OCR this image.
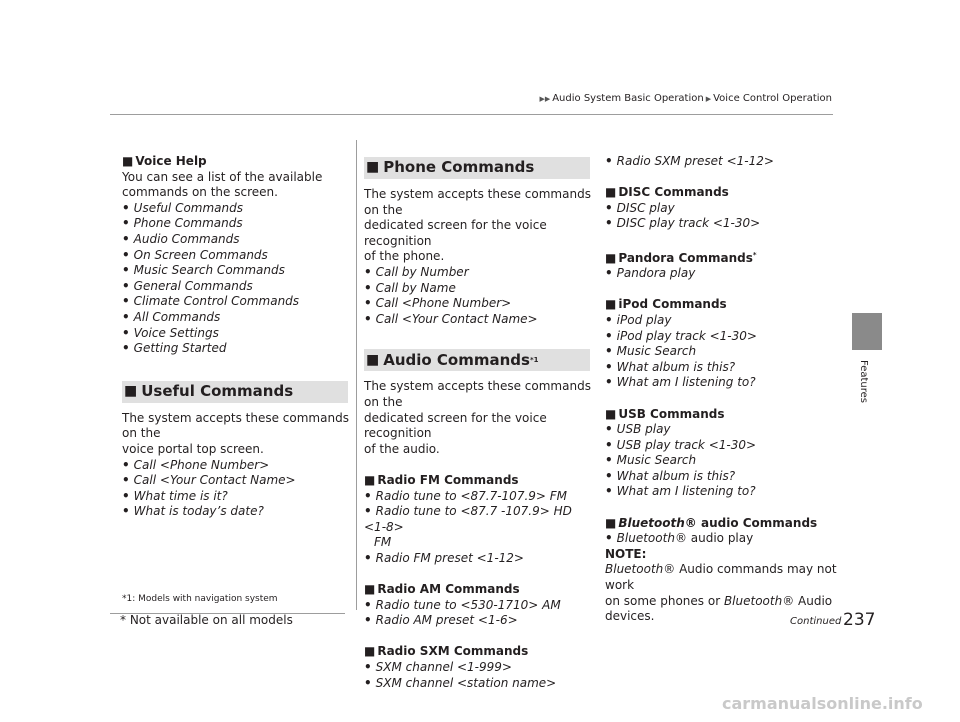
▶▶ Audio System Basic Operation ▶ Voice Control Operation
Features

■ Voice Help

You can see a list of the available

commands on the screen.

• Useful Commands

• Phone Commands

• Audio Commands

• On Screen Commands

• Music Search Commands

• General Commands

• Climate Control Commands

• All Commands

• Voice Settings

• Getting Started

■ Useful Commands

The system accepts these commands on the

voice portal top screen.

• Call <Phone Number>

• Call <Your Contact Name>

• What time is it?

• What is today’s date?

*1: Models with navigation system
■ Phone Commands

The system accepts these commands on the

dedicated screen for the voice recognition

of the phone.

• Call by Number

• Call by Name

• Call <Phone Number>

• Call <Your Contact Name>

■ Audio Commands *1

The system accepts these commands on the

dedicated screen for the voice recognition

of the audio.

■ Radio FM Commands

• Radio tune to <87.7-107.9> FM

• Radio tune to <87.7 -107.9> HD <1-8>

FM

• Radio FM preset <1-12>

■ Radio AM Commands

• Radio tune to <530-1710> AM

• Radio AM preset <1-6>

■ Radio SXM Commands

• SXM channel <1-999>

• SXM channel <station name>

• Radio SXM preset <1-12>

■ DISC Commands

• DISC play

• DISC play track <1-30>

■ Pandora Commands*

• Pandora play

■ iPod Commands

• iPod play

• iPod play track <1-30>

• Music Search

• What album is this?

• What am I listening to?

■ USB Commands

• USB play

• USB play track <1-30>

• Music Search

• What album is this?

• What am I listening to?

■ Bluetooth® audio Commands

• Bluetooth® audio play

NOTE:

Bluetooth® Audio commands may not work

on some phones or Bluetooth® Audio

devices.	Continued 237
* Not available on all models
carmanualsonline.info
